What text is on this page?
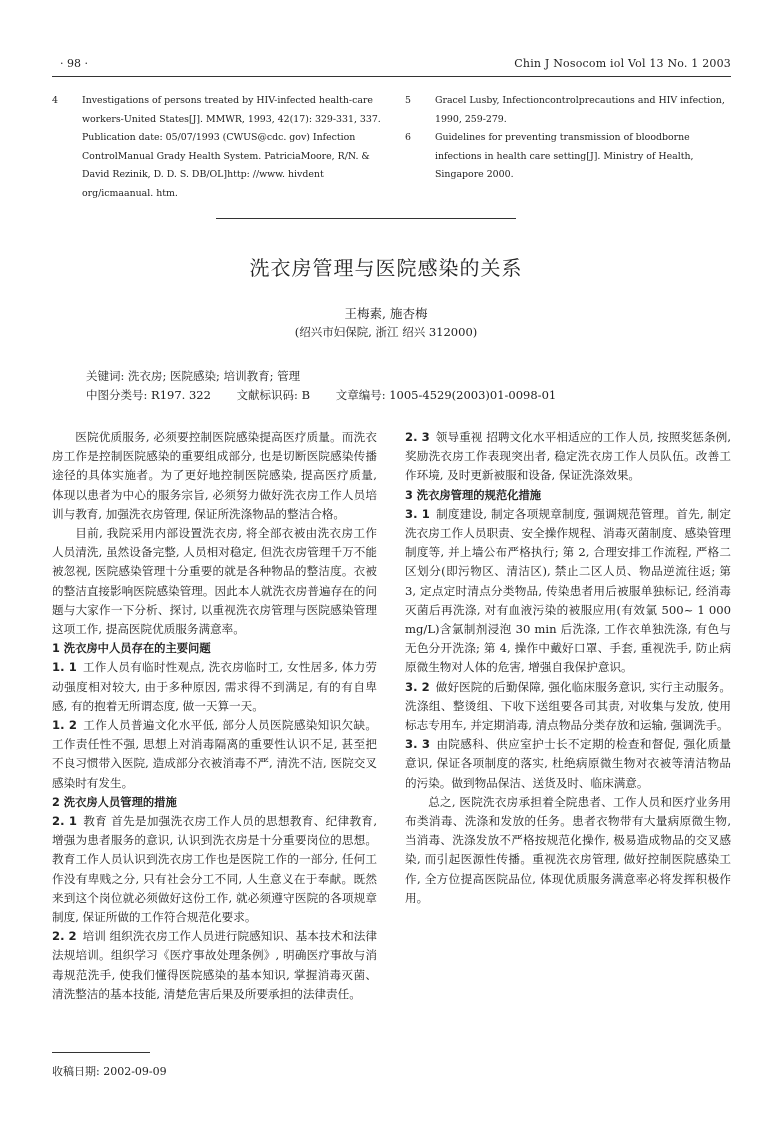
· 98 ·	Chin J Nosocom iol Vol 13 No. 1 2003
4	Investigations of persons treated by HIV-infected health-care workers-United States[J]. MMWR, 1993, 42(17): 329-331, 337. Publication date: 05/07/1993 (CWUS@cdc. gov) Infection ControlManual Grady Health System. PatriciaMoore, R/N. & David Rezinik, D. D. S. DB/OL]http: //www. hivdent org/icmaanual. htm.
5	Gracel Lusby, Infectioncontrolprecautions and HIV infection, 1990, 259-279.
6	Guidelines for preventing transmission of bloodborne infections in health care setting[J]. Ministry of Health, Singapore 2000.
洗衣房管理与医院感染的关系
王梅素, 施杏梅
(绍兴市妇保院, 浙江 绍兴 312000)
关键词: 洗衣房; 医院感染; 培训教育; 管理
中图分类号: R197. 322 文献标识码: B 文章编号: 1005-4529(2003)01-0098-01

医院优质服务, 必须要控制医院感染提高医疗质量。而洗衣房工作是控制医院感染的重要组成部分, 也是切断医院感染传播途径的具体实施者。为了更好地控制医院感染, 提高医疗质量, 体现以患者为中心的服务宗旨, 必须努力做好洗衣房工作人员培训与教育, 加强洗衣房管理, 保证所洗涤物品的整洁合格。

目前, 我院采用内部设置洗衣房, 将全部衣被由洗衣房工作人员清洗, 虽然设备完整, 人员相对稳定, 但洗衣房管理千万不能被忽视, 医院感染管理十分重要的就是各种物品的整洁度。衣被的整洁直接影响医院感染管理。因此本人就洗衣房普遍存在的问题与大家作一下分析、探讨, 以重视洗衣房管理与医院感染管理这项工作, 提高医院优质服务满意率。

1 洗衣房中人员存在的主要问题

1. 1 工作人员有临时性观点, 洗衣房临时工, 女性居多, 体力劳动强度相对较大, 由于多种原因, 需求得不到满足, 有的有自卑感, 有的抱着无所谓态度, 做一天算一天。

1. 2 工作人员普遍文化水平低, 部分人员医院感染知识欠缺。工作责任性不强, 思想上对消毒隔离的重要性认识不足, 甚至把不良习惯带入医院, 造成部分衣被消毒不严, 清洗不洁, 医院交叉感染时有发生。

2 洗衣房人员管理的措施

2. 1 教育 首先是加强洗衣房工作人员的思想教育、纪律教育, 增强为患者服务的意识, 认识到洗衣房是十分重要岗位的思想。教育工作人员认识到洗衣房工作也是医院工作的一部分, 任何工作没有卑贱之分, 只有社会分工不同, 人生意义在于奉献。既然来到这个岗位就必须做好这份工作, 就必须遵守医院的各项规章制度, 保证所做的工作符合规范化要求。

2. 2 培训 组织洗衣房工作人员进行院感知识、基本技术和法律法规培训。组织学习《医疗事故处理条例》, 明确医疗事故与消毒规范洗手, 使我们懂得医院感染的基本知识, 掌握消毒灭菌、清洗整洁的基本技能, 清楚危害后果及所要承担的法律责任。

2. 3 领导重视 招聘文化水平相适应的工作人员, 按照奖惩条例, 奖励洗衣房工作表现突出者, 稳定洗衣房工作人员队伍。改善工作环境, 及时更新被服和设备, 保证洗涤效果。

3 洗衣房管理的规范化措施

3. 1 制度建设, 制定各项规章制度, 强调规范管理。首先, 制定洗衣房工作人员职责、安全操作规程、消毒灭菌制度、感染管理制度等, 并上墙公布严格执行; 第 2, 合理安排工作流程, 严格二区划分(即污物区、清洁区), 禁止二区人员、物品逆流往返; 第 3, 定点定时清点分类物品, 传染患者用后被服单独标记, 经消毒灭菌后再洗涤, 对有血液污染的被服应用(有效氯 500~ 1 000 mg/L)含氯制剂浸泡 30 min 后洗涤, 工作衣单独洗涤, 有色与无色分开洗涤; 第 4, 操作中戴好口罩、手套, 重视洗手, 防止病原微生物对人体的危害, 增强自我保护意识。

3. 2 做好医院的后勤保障, 强化临床服务意识, 实行主动服务。洗涤组、整烫组、下收下送组要各司其责, 对收集与发放, 使用标志专用车, 并定期消毒, 清点物品分类存放和运输, 强调洗手。

3. 3 由院感科、供应室护士长不定期的检查和督促, 强化质量意识, 保证各项制度的落实, 杜绝病原微生物对衣被等清洁物品的污染。做到物品保洁、送货及时、临床满意。

总之, 医院洗衣房承担着全院患者、工作人员和医疗业务用布类消毒、洗涤和发放的任务。患者衣物带有大量病原微生物, 当消毒、洗涤发放不严格按规范化操作, 极易造成物品的交叉感染, 而引起医源性传播。重视洗衣房管理, 做好控制医院感染工作, 全方位提高医院品位, 体现优质服务满意率必将发挥积极作用。

收稿日期: 2002-09-09
